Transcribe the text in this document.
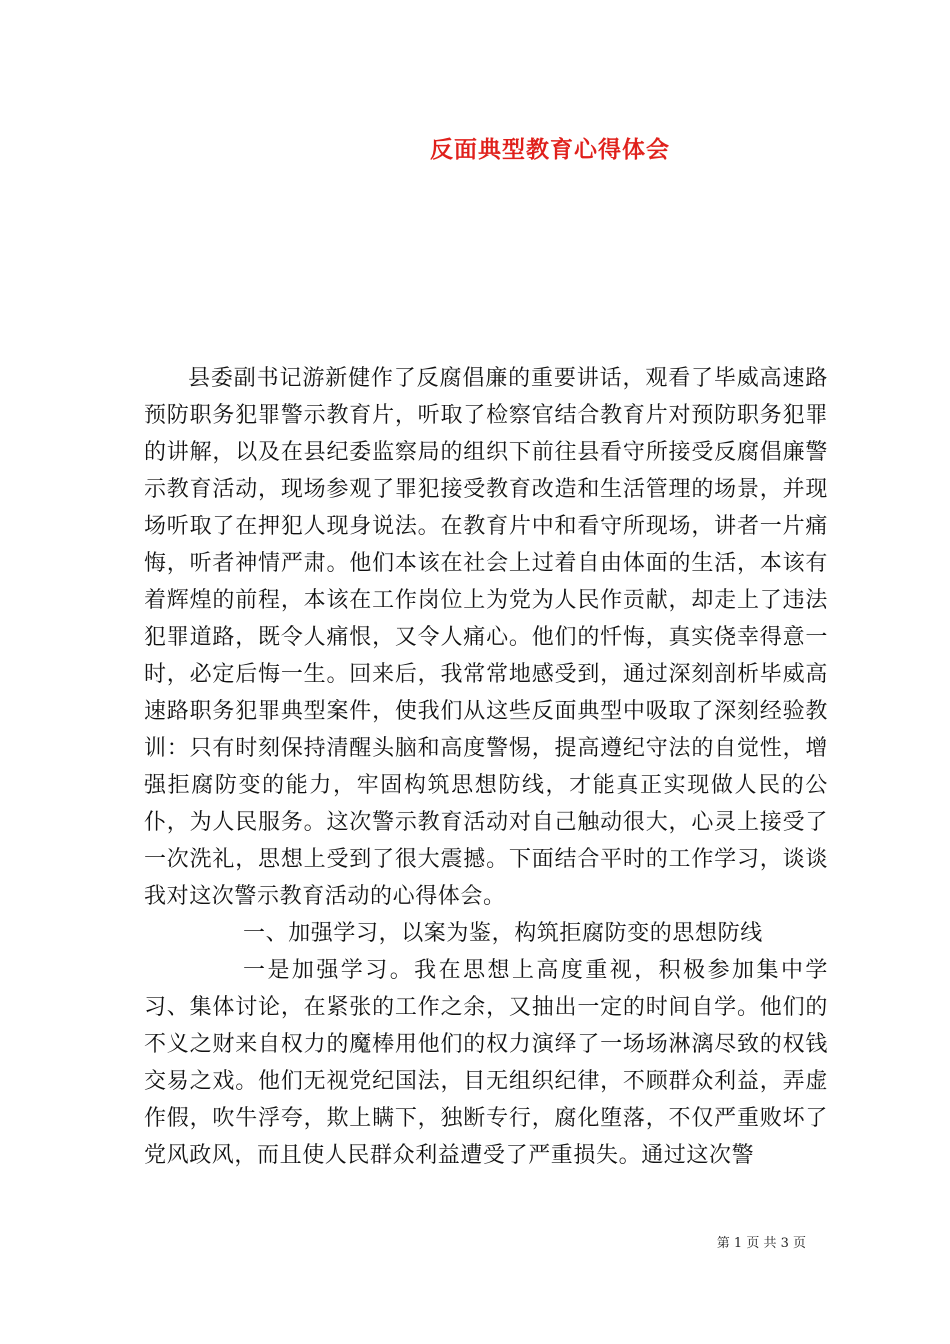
反面典型教育心得体会

县委副书记游新健作了反腐倡廉的重要讲话，观看了毕威高速路预防职务犯罪警示教育片，听取了检察官结合教育片对预防职务犯罪的讲解，以及在县纪委监察局的组织下前往县看守所接受反腐倡廉警示教育活动，现场参观了罪犯接受教育改造和生活管理的场景，并现场听取了在押犯人现身说法。在教育片中和看守所现场，讲者一片痛悔，听者神情严肃。他们本该在社会上过着自由体面的生活，本该有着辉煌的前程，本该在工作岗位上为党为人民作贡献，却走上了违法犯罪道路，既令人痛恨，又令人痛心。他们的忏悔，真实侥幸得意一时，必定后悔一生。回来后，我常常地感受到，通过深刻剖析毕威高速路职务犯罪典型案件，使我们从这些反面典型中吸取了深刻经验教训：只有时刻保持清醒头脑和高度警惕，提高遵纪守法的自觉性，增强拒腐防变的能力，牢固构筑思想防线，才能真正实现做人民的公仆，为人民服务。这次警示教育活动对自己触动很大，心灵上接受了一次洗礼，思想上受到了很大震撼。下面结合平时的工作学习，谈谈我对这次警示教育活动的心得体会。

一、加强学习，以案为鉴，构筑拒腐防变的思想防线

一是加强学习。我在思想上高度重视，积极参加集中学习、集体讨论，在紧张的工作之余，又抽出一定的时间自学。他们的不义之财来自权力的魔棒用他们的权力演绎了一场场淋漓尽致的权钱交易之戏。他们无视党纪国法，目无组织纪律，不顾群众利益，弄虚作假，吹牛浮夸，欺上瞒下，独断专行，腐化堕落，不仅严重败坏了党风政风，而且使人民群众利益遭受了严重损失。通过这次警

第 1 页 共 3 页
